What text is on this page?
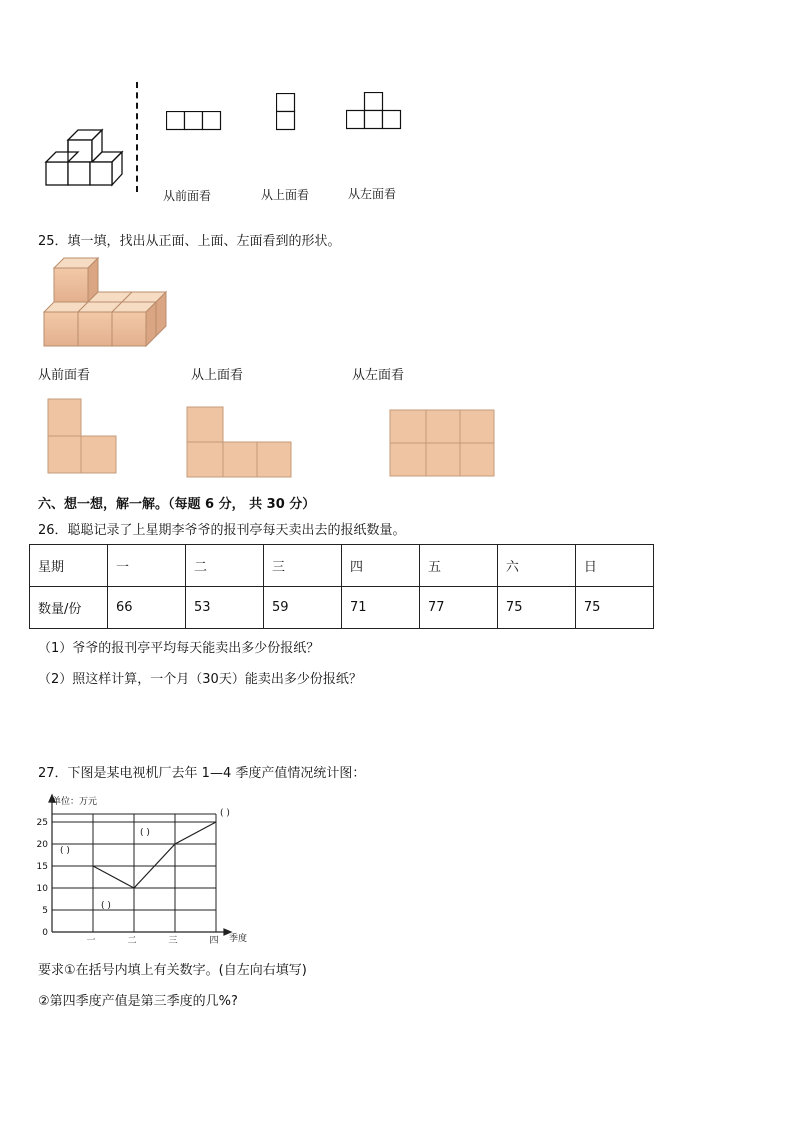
从前面看	从上面看	从左面看
25．填一填，找出从正面、上面、左面看到的形状。
从前面看	从上面看	从左面看
六、想一想，解一解。（每题 6 分， 共 30 分）
26．聪聪记录了上星期李爷爷的报刊亭每天卖出去的报纸数量。
星期	一	二	三	四	五	六	日
数量/份	66	53	59	71	77	75	75
（1）爷爷的报刊亭平均每天能卖出多少份报纸？
（2）照这样计算，一个月（30天）能卖出多少份报纸？
27．下图是某电视机厂去年 1—4 季度产值情况统计图：
0
5
10
15
20
25
一	二	三	四
( )
( )
( )
( )
单位：万元
季度
要求①在括号内填上有关数字。(自左向右填写)
②第四季度产值是第三季度的几%?
